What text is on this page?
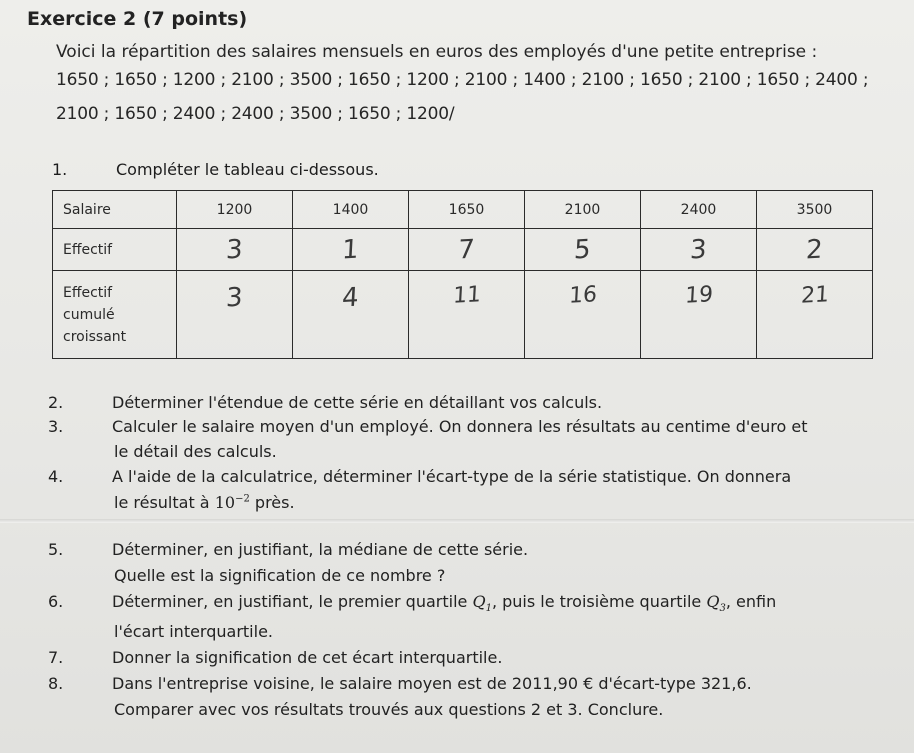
Exercice 2 (7 points)
Voici la répartition des salaires mensuels en euros des employés d'une petite entreprise :
1650 ; 1650 ; 1200 ; 2100 ; 3500 ; 1650 ; 1200 ; 2100 ; 1400 ; 2100 ; 1650 ; 2100 ; 1650 ; 2400 ;
2100 ; 1650 ; 2400 ; 2400 ; 3500 ; 1650 ; 1200/
1.	Compléter le tableau ci-dessous.
Salaire	1200	1400	1650	2100	2400	3500
Effectif	3	1	7	5	3	2

Effectif
cumulé
croissant	3	4	11	16	19	21
2.	Déterminer l'étendue de cette série en détaillant vos calculs.
3.	Calculer le salaire moyen d'un employé. On donnera les résultats au centime d'euro et
le détail des calculs.
4.	A l'aide de la calculatrice, déterminer l'écart-type de la série statistique. On donnera
le résultat à $10^{-2}$ près.
5.	Déterminer, en justifiant, la médiane de cette série.
Quelle est la signification de ce nombre ?
6.	Déterminer, en justifiant, le premier quartile $Q_1$, puis le troisième quartile $Q_3$, enfin
l'écart interquartile.
7.	Donner la signification de cet écart interquartile.
8.	Dans l'entreprise voisine, le salaire moyen est de 2011,90 € d'écart-type 321,6.
Comparer avec vos résultats trouvés aux questions 2 et 3. Conclure.
